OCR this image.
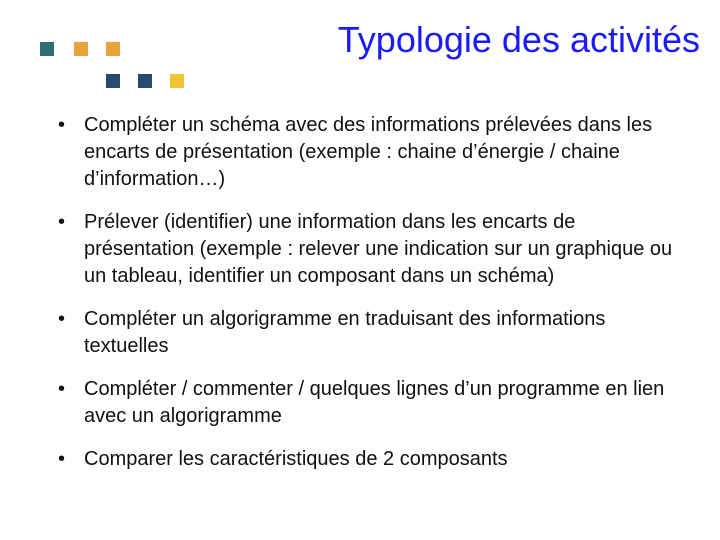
Typologie des activités
• Compléter un schéma avec des informations prélevées dans les encarts de présentation (exemple : chaine d’énergie / chaine d’information…)
• Prélever (identifier) une information dans les encarts de présentation (exemple : relever une indication sur un graphique ou un tableau, identifier un composant dans un schéma)
• Compléter un algorigramme en traduisant des informations textuelles
• Compléter / commenter / quelques lignes d’un programme en lien avec un algorigramme
• Comparer les caractéristiques de 2 composants
